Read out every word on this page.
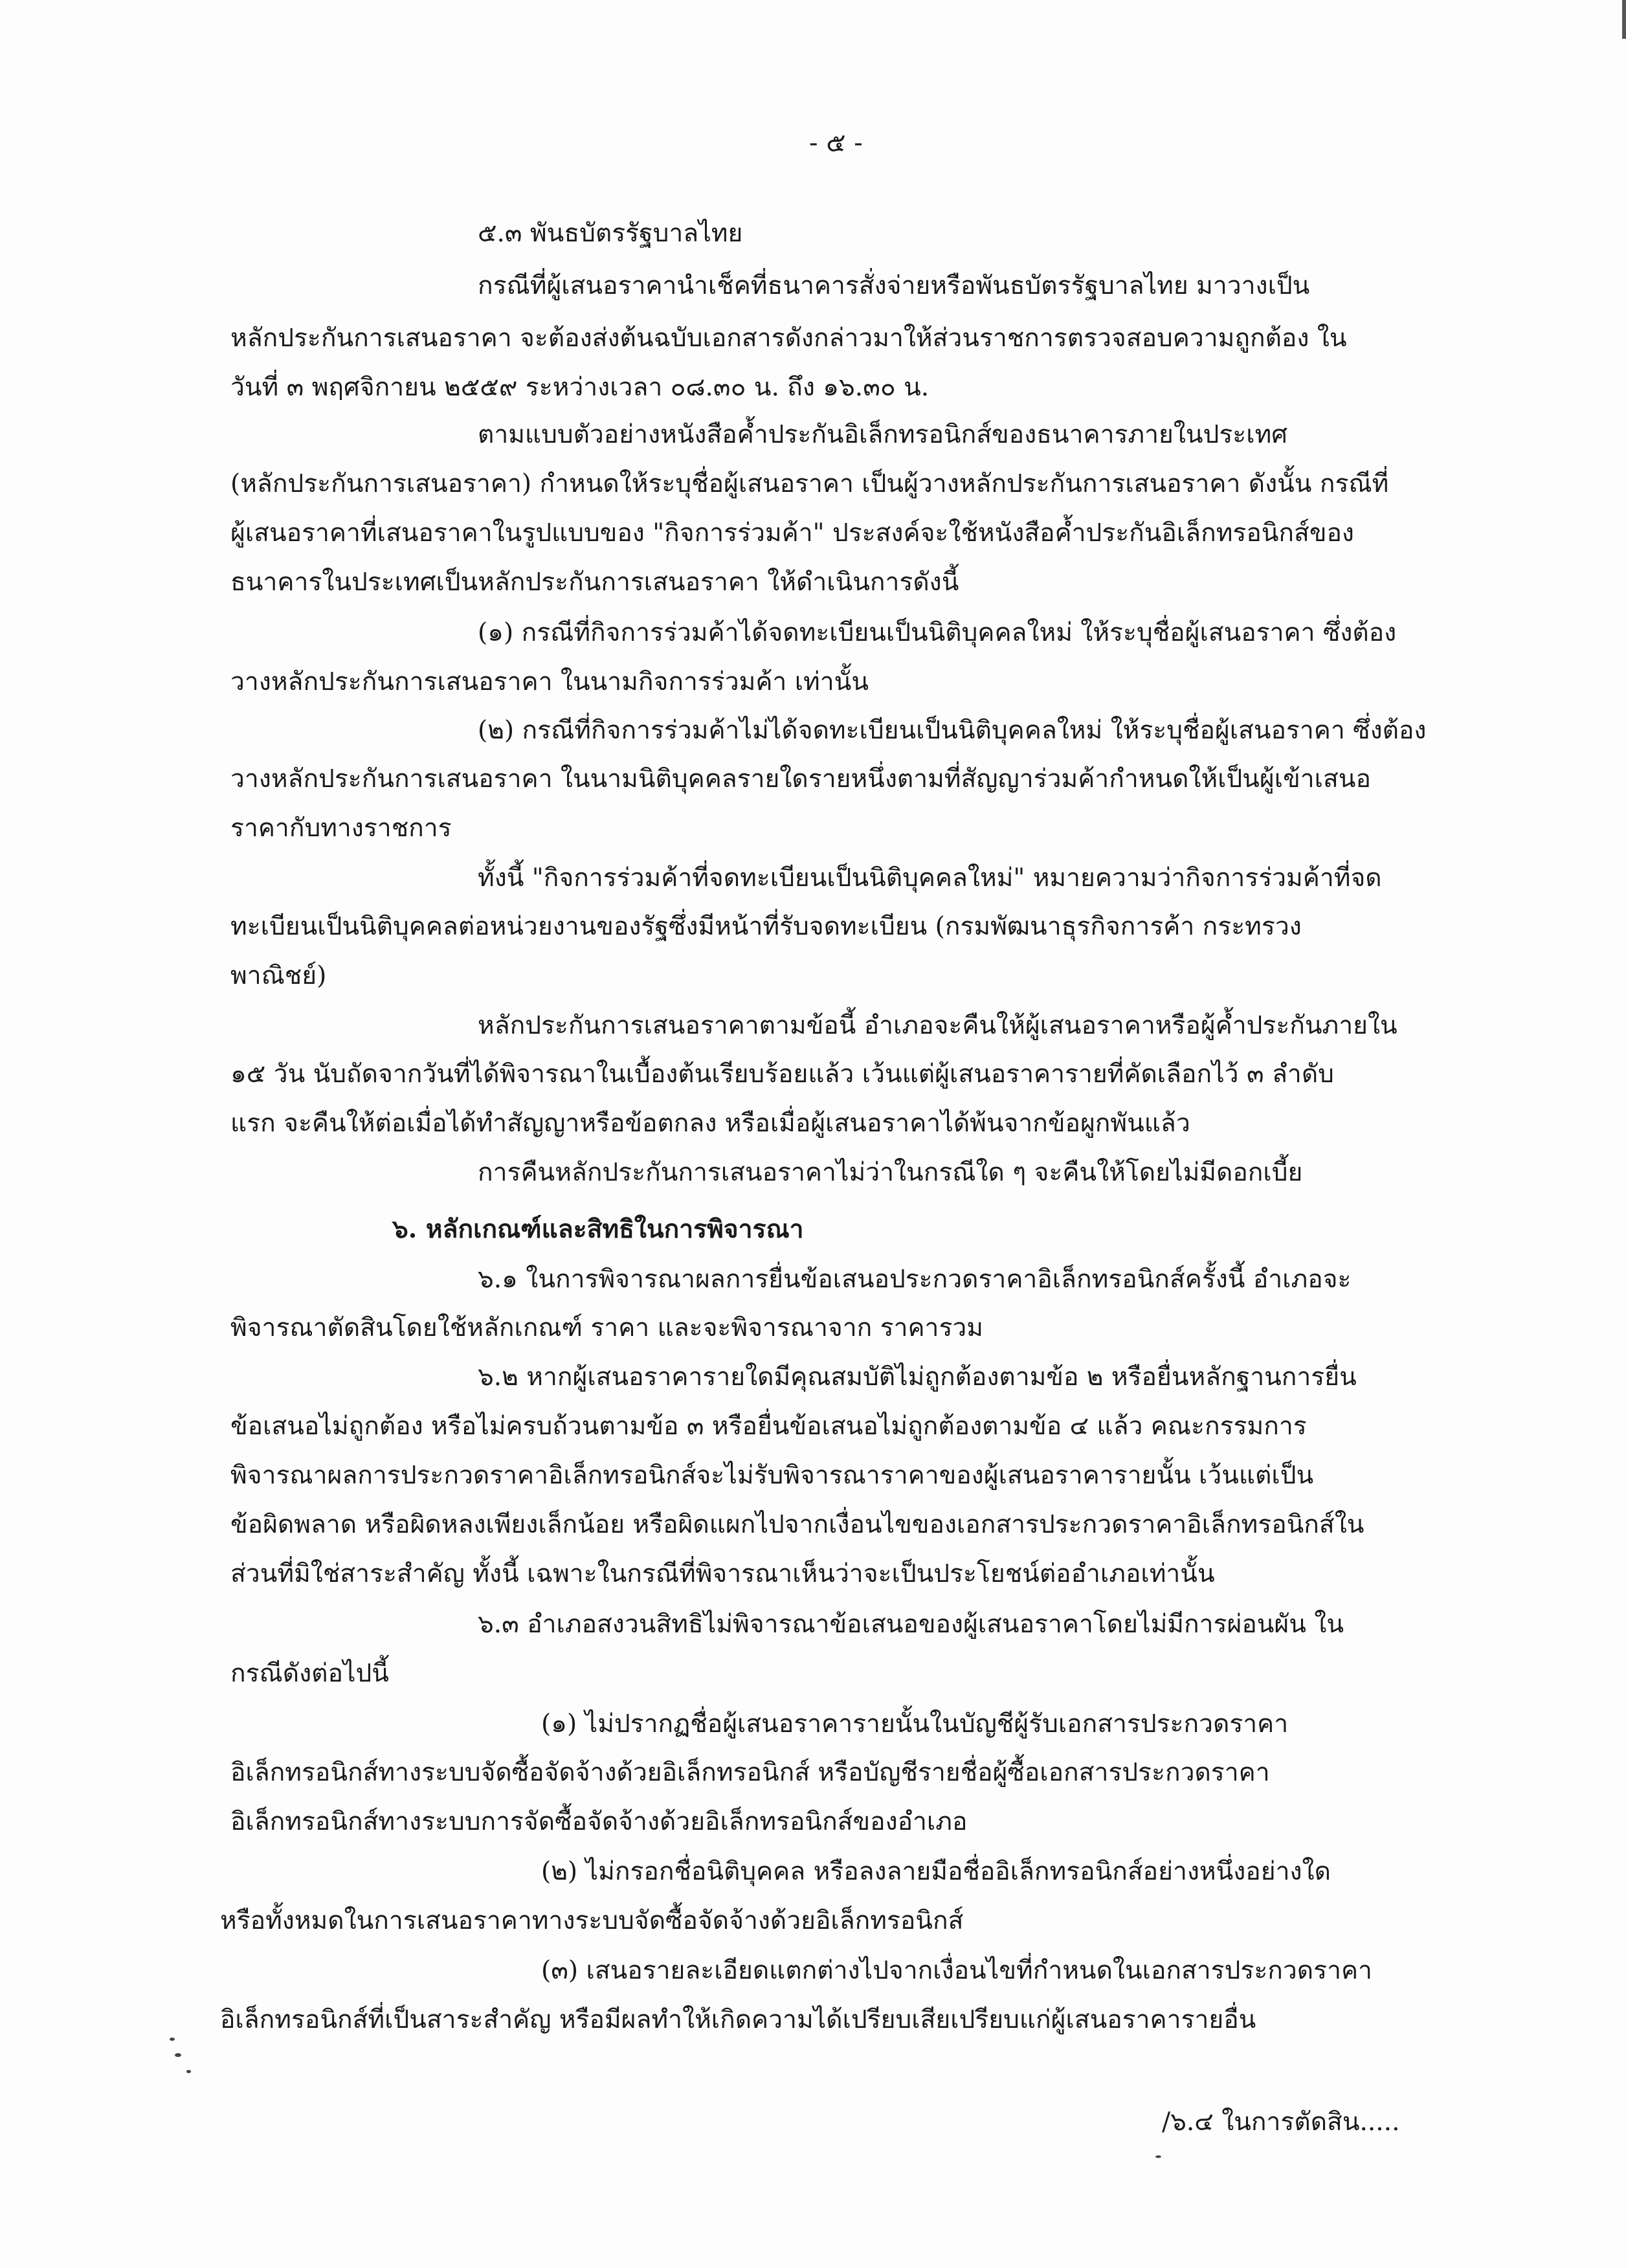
- ๕ -
๕.๓ พันธบัตรรัฐบาลไทย
กรณีที่ผู้เสนอราคานำเช็คที่ธนาคารสั่งจ่ายหรือพันธบัตรรัฐบาลไทย มาวางเป็น
หลักประกันการเสนอราคา จะต้องส่งต้นฉบับเอกสารดังกล่าวมาให้ส่วนราชการตรวจสอบความถูกต้อง ใน
วันที่ ๓ พฤศจิกายน ๒๕๕๙ ระหว่างเวลา ๐๘.๓๐ น. ถึง ๑๖.๓๐ น.
ตามแบบตัวอย่างหนังสือค้ำประกันอิเล็กทรอนิกส์ของธนาคารภายในประเทศ
(หลักประกันการเสนอราคา) กำหนดให้ระบุชื่อผู้เสนอราคา เป็นผู้วางหลักประกันการเสนอราคา ดังนั้น กรณีที่
ผู้เสนอราคาที่เสนอราคาในรูปแบบของ "กิจการร่วมค้า" ประสงค์จะใช้หนังสือค้ำประกันอิเล็กทรอนิกส์ของ
ธนาคารในประเทศเป็นหลักประกันการเสนอราคา ให้ดำเนินการดังนี้
(๑) กรณีที่กิจการร่วมค้าได้จดทะเบียนเป็นนิติบุคคลใหม่ ให้ระบุชื่อผู้เสนอราคา ซึ่งต้อง
วางหลักประกันการเสนอราคา ในนามกิจการร่วมค้า เท่านั้น
(๒) กรณีที่กิจการร่วมค้าไม่ได้จดทะเบียนเป็นนิติบุคคลใหม่ ให้ระบุชื่อผู้เสนอราคา ซึ่งต้อง
วางหลักประกันการเสนอราคา ในนามนิติบุคคลรายใดรายหนึ่งตามที่สัญญาร่วมค้ากำหนดให้เป็นผู้เข้าเสนอ
ราคากับทางราชการ
ทั้งนี้ "กิจการร่วมค้าที่จดทะเบียนเป็นนิติบุคคลใหม่" หมายความว่ากิจการร่วมค้าที่จด
ทะเบียนเป็นนิติบุคคลต่อหน่วยงานของรัฐซึ่งมีหน้าที่รับจดทะเบียน (กรมพัฒนาธุรกิจการค้า กระทรวง
พาณิชย์)
หลักประกันการเสนอราคาตามข้อนี้ อำเภอจะคืนให้ผู้เสนอราคาหรือผู้ค้ำประกันภายใน
๑๕ วัน นับถัดจากวันที่ได้พิจารณาในเบื้องต้นเรียบร้อยแล้ว เว้นแต่ผู้เสนอราคารายที่คัดเลือกไว้ ๓ ลำดับ
แรก จะคืนให้ต่อเมื่อได้ทำสัญญาหรือข้อตกลง หรือเมื่อผู้เสนอราคาได้พ้นจากข้อผูกพันแล้ว
การคืนหลักประกันการเสนอราคาไม่ว่าในกรณีใด ๆ จะคืนให้โดยไม่มีดอกเบี้ย
๖. หลักเกณฑ์และสิทธิในการพิจารณา
๖.๑ ในการพิจารณาผลการยื่นข้อเสนอประกวดราคาอิเล็กทรอนิกส์ครั้งนี้ อำเภอจะ
พิจารณาตัดสินโดยใช้หลักเกณฑ์ ราคา และจะพิจารณาจาก ราคารวม
๖.๒ หากผู้เสนอราคารายใดมีคุณสมบัติไม่ถูกต้องตามข้อ ๒ หรือยื่นหลักฐานการยื่น
ข้อเสนอไม่ถูกต้อง หรือไม่ครบถ้วนตามข้อ ๓ หรือยื่นข้อเสนอไม่ถูกต้องตามข้อ ๔ แล้ว คณะกรรมการ
พิจารณาผลการประกวดราคาอิเล็กทรอนิกส์จะไม่รับพิจารณาราคาของผู้เสนอราคารายนั้น เว้นแต่เป็น
ข้อผิดพลาด หรือผิดหลงเพียงเล็กน้อย หรือผิดแผกไปจากเงื่อนไขของเอกสารประกวดราคาอิเล็กทรอนิกส์ใน
ส่วนที่มิใช่สาระสำคัญ ทั้งนี้ เฉพาะในกรณีที่พิจารณาเห็นว่าจะเป็นประโยชน์ต่ออำเภอเท่านั้น
๖.๓ อำเภอสงวนสิทธิไม่พิจารณาข้อเสนอของผู้เสนอราคาโดยไม่มีการผ่อนผัน ใน
กรณีดังต่อไปนี้
(๑) ไม่ปรากฏชื่อผู้เสนอราคารายนั้นในบัญชีผู้รับเอกสารประกวดราคา
อิเล็กทรอนิกส์ทางระบบจัดซื้อจัดจ้างด้วยอิเล็กทรอนิกส์ หรือบัญชีรายชื่อผู้ซื้อเอกสารประกวดราคา
อิเล็กทรอนิกส์ทางระบบการจัดซื้อจัดจ้างด้วยอิเล็กทรอนิกส์ของอำเภอ
(๒) ไม่กรอกชื่อนิติบุคคล หรือลงลายมือชื่ออิเล็กทรอนิกส์อย่างหนึ่งอย่างใด
หรือทั้งหมดในการเสนอราคาทางระบบจัดซื้อจัดจ้างด้วยอิเล็กทรอนิกส์
(๓) เสนอรายละเอียดแตกต่างไปจากเงื่อนไขที่กำหนดในเอกสารประกวดราคา
อิเล็กทรอนิกส์ที่เป็นสาระสำคัญ หรือมีผลทำให้เกิดความได้เปรียบเสียเปรียบแก่ผู้เสนอราคารายอื่น
/๖.๔ ในการตัดสิน.....
